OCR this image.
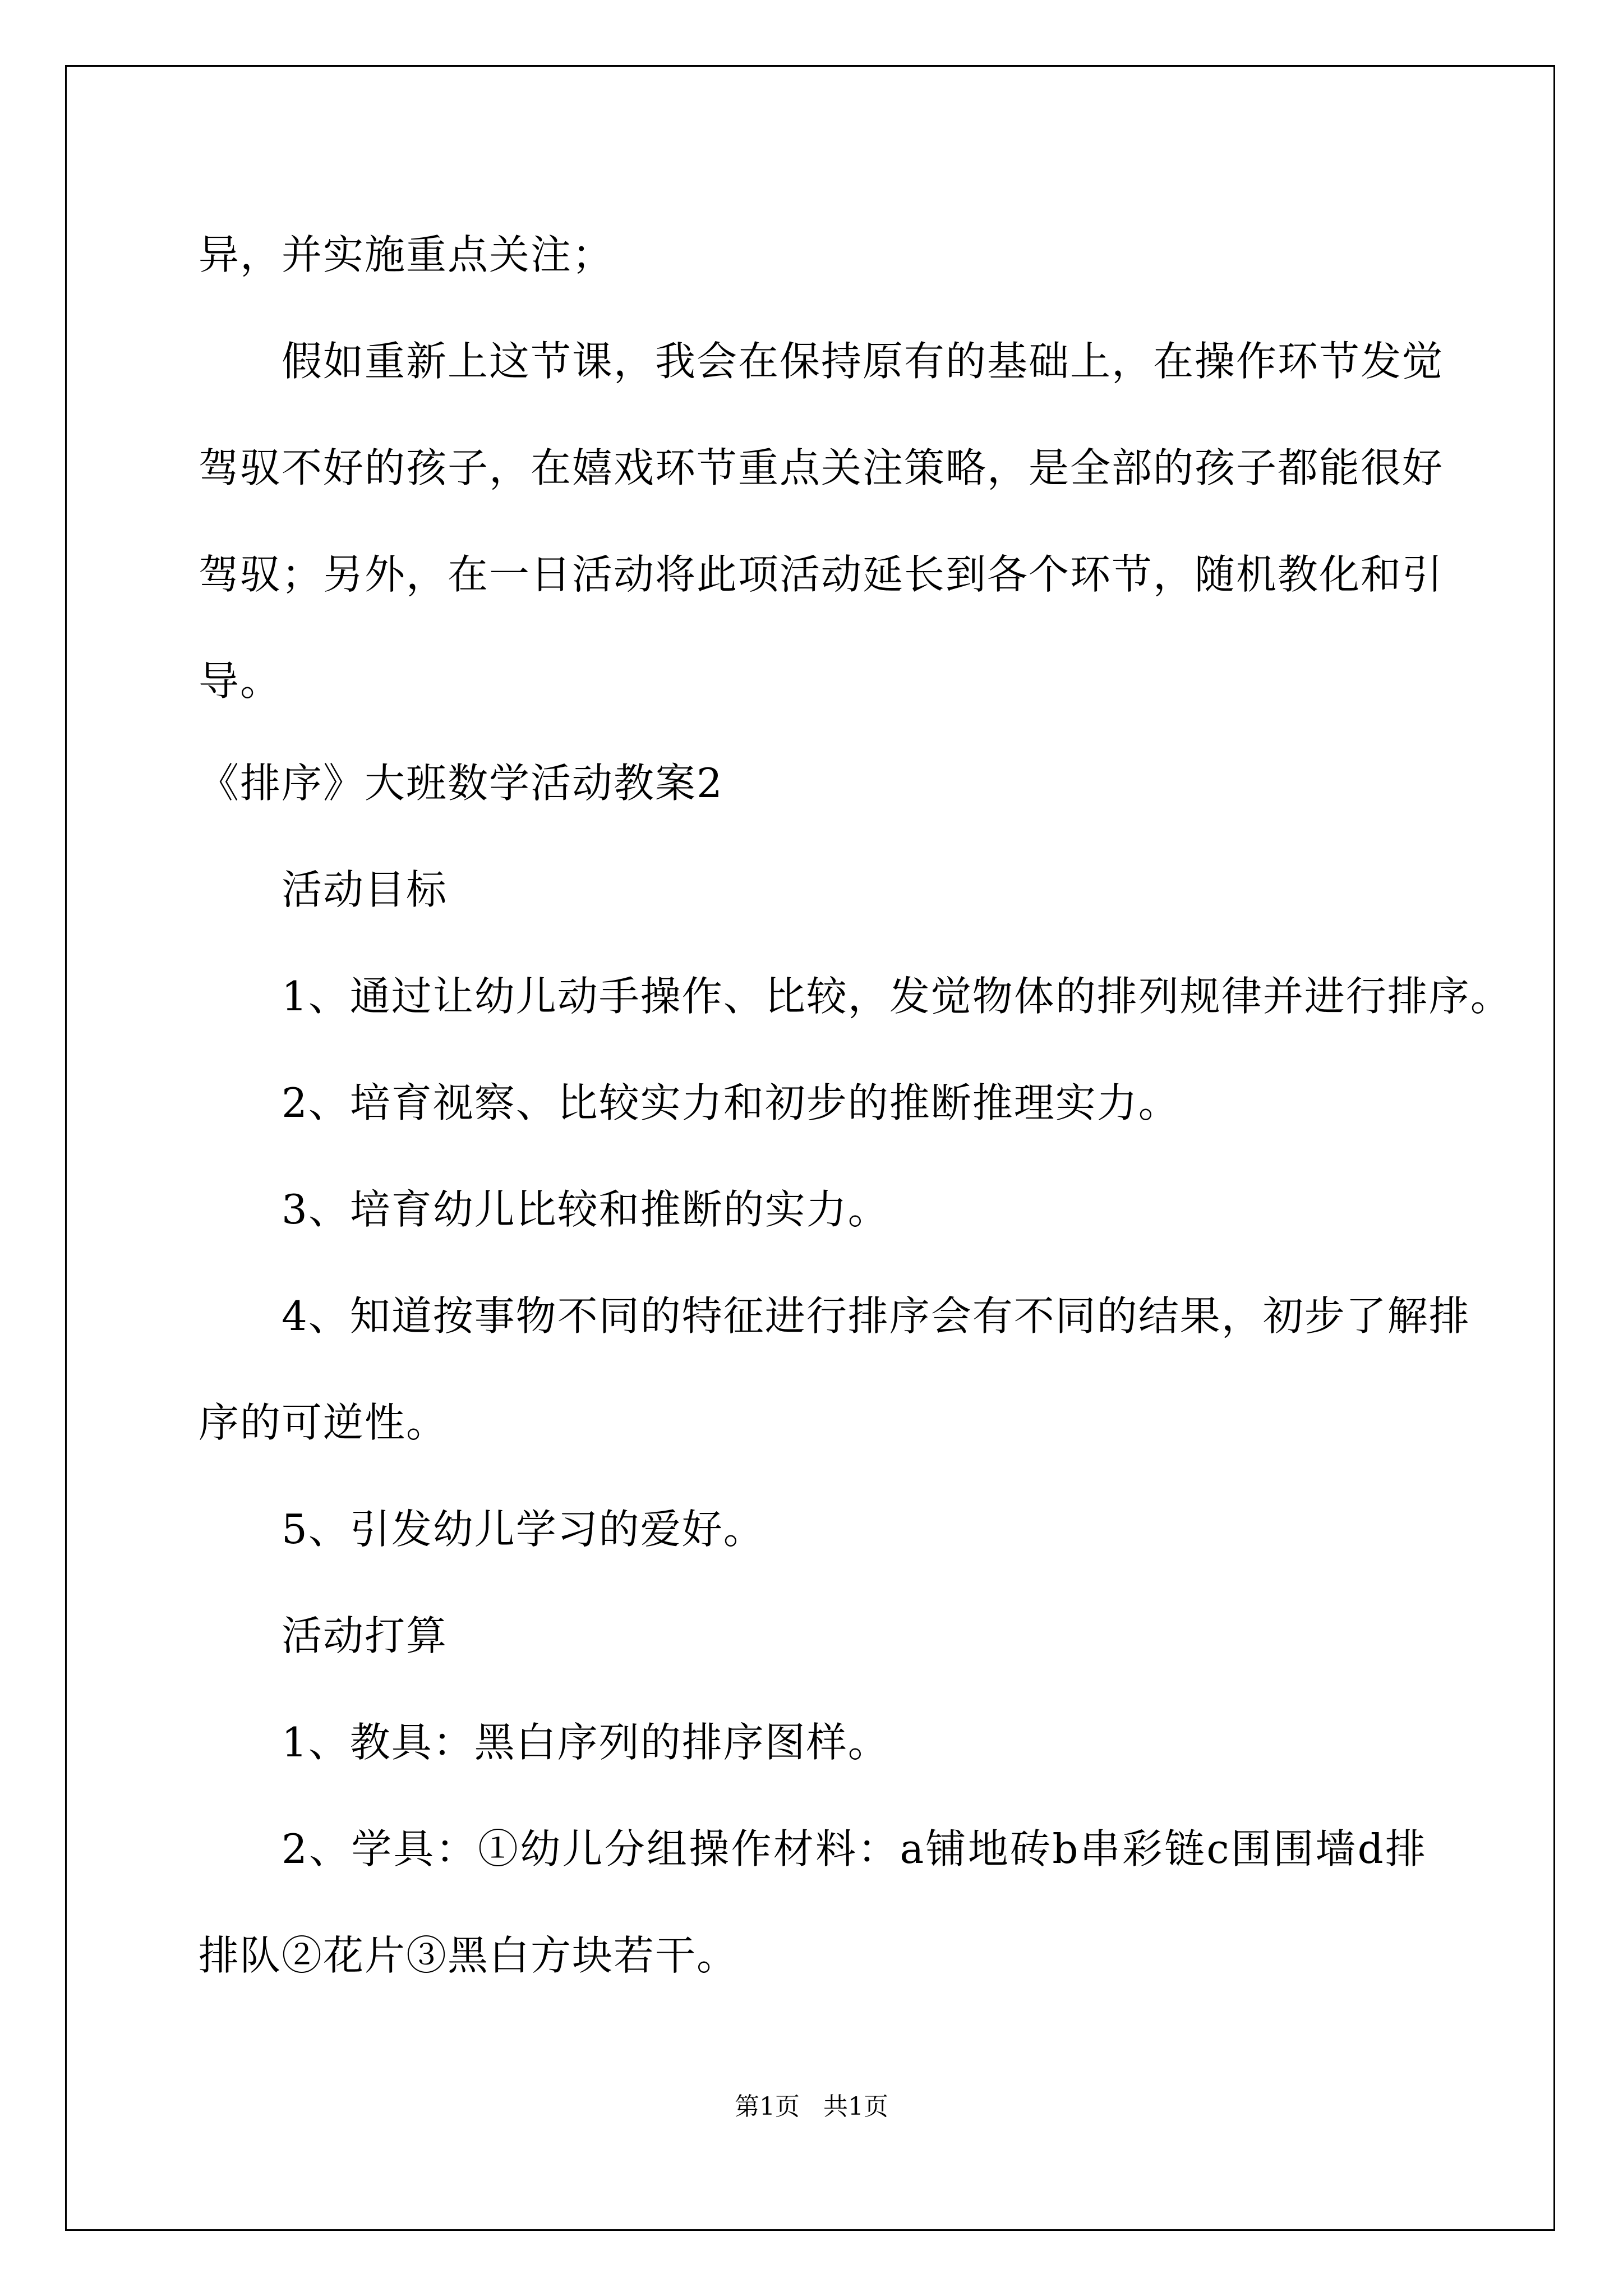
异，并实施重点关注；
假如重新上这节课，我会在保持原有的基础上，在操作环节发觉
驾驭不好的孩子，在嬉戏环节重点关注策略，是全部的孩子都能很好
驾驭；另外，在一日活动将此项活动延长到各个环节，随机教化和引
导。
《排序》大班数学活动教案2
活动目标
1、通过让幼儿动手操作、比较，发觉物体的排列规律并进行排序。
2、培育视察、比较实力和初步的推断推理实力。
3、培育幼儿比较和推断的实力。
4、知道按事物不同的特征进行排序会有不同的结果，初步了解排
序的可逆性。
5、引发幼儿学习的爱好。
活动打算
1、教具：黑白序列的排序图样。
2、学具：①幼儿分组操作材料：a铺地砖b串彩链c围围墙d排
排队②花片③黑白方块若干。
第1页 共1页
